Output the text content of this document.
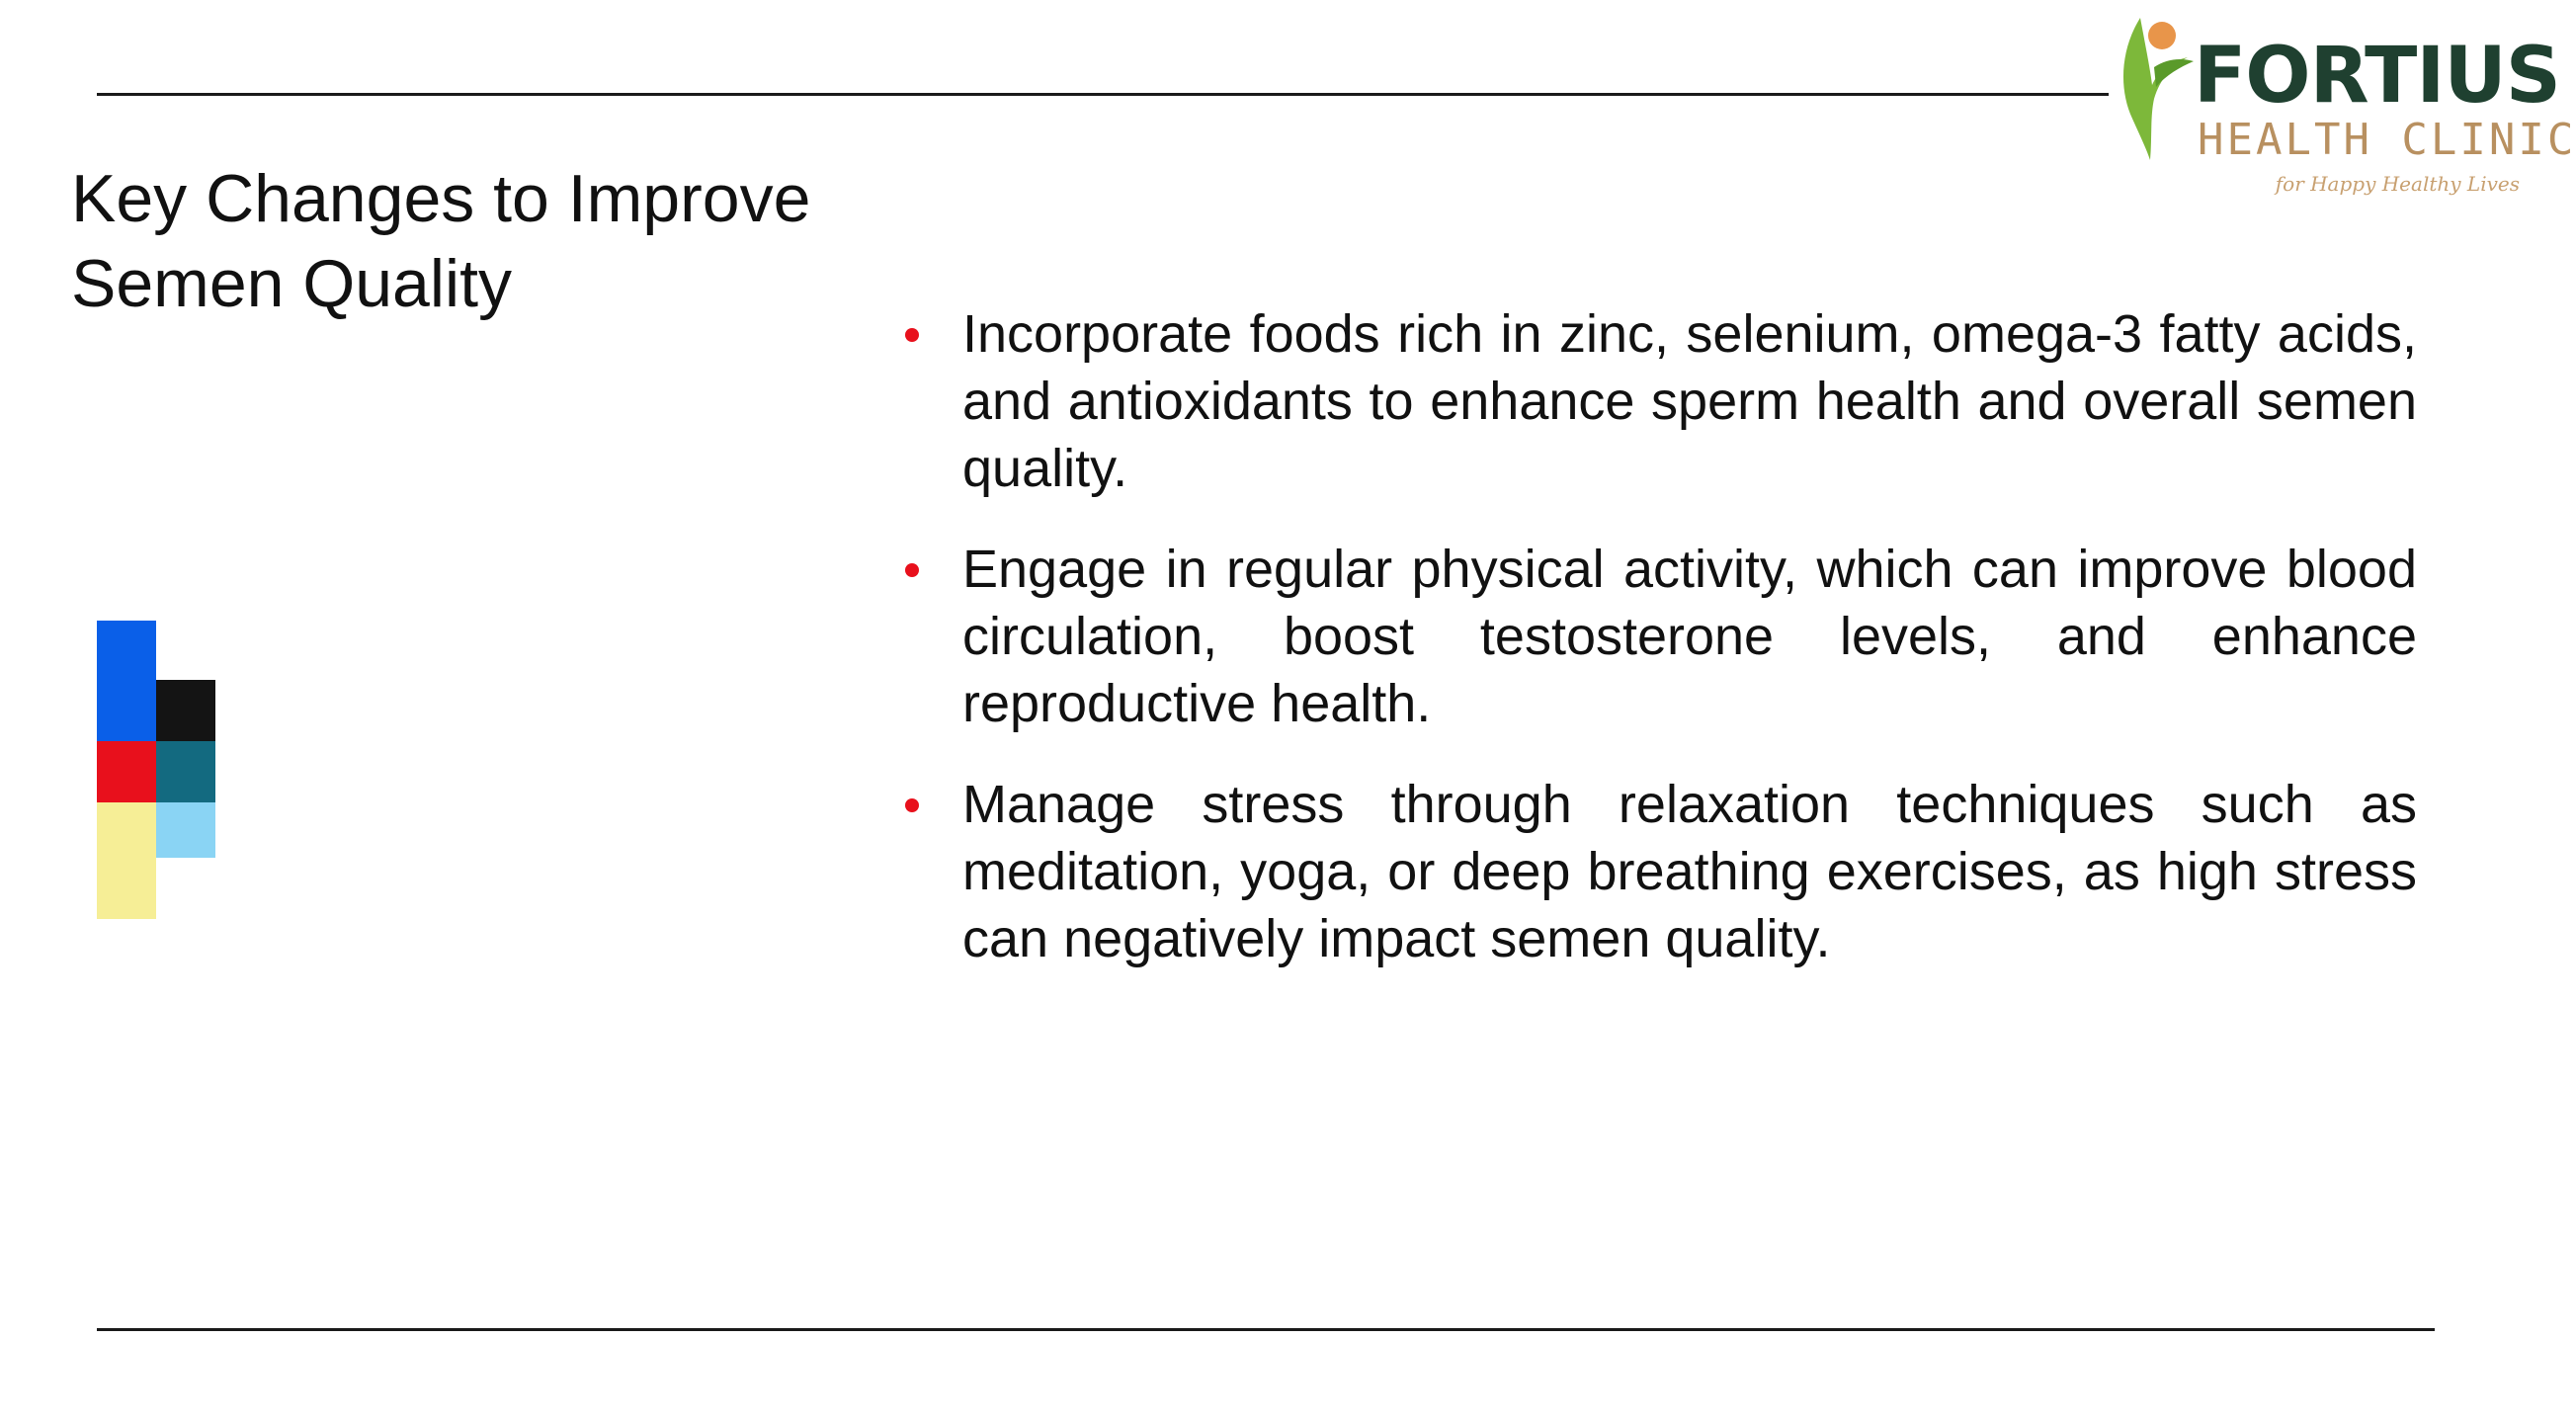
FORTIUS
HEALTH CLINIC
for Happy Healthy Lives
Key Changes to Improve Semen Quality
Incorporate foods rich in zinc, selenium, omega-3 fatty acids, and antioxidants to enhance sperm health and overall semen quality.
Engage in regular physical activity, which can improve blood circulation, boost testosterone levels, and enhance reproductive health.
Manage stress through relaxation techniques such as meditation, yoga, or deep breathing exercises, as high stress can negatively impact semen quality.
